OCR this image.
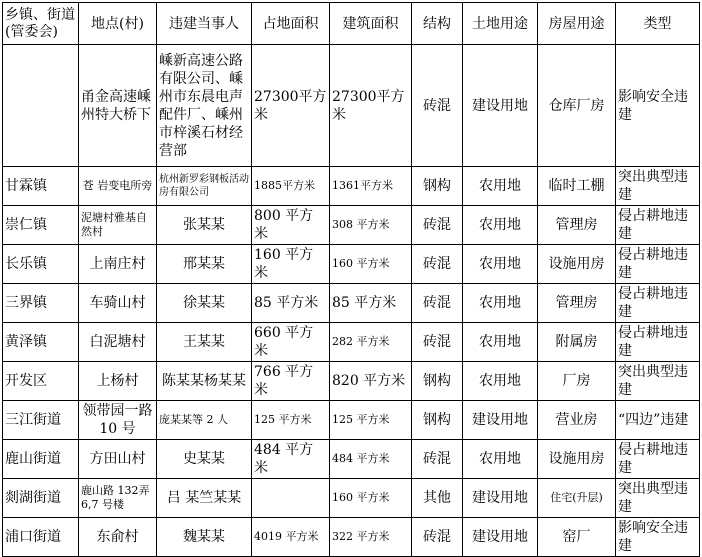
乡镇、街道(管委会)	地点(村)	违建当事人	占地面积	建筑面积	结构	土地用途	房屋用途	类型
	甬金高速嵊州特大桥下	嵊新高速公路有限公司、嵊州市东晨电声配件厂、嵊州市梓溪石材经营部	27300平方米	27300平方米	砖混	建设用地	仓库厂房	影响安全违建
甘霖镇	苍 岩变电所旁	杭州新罗彩钢板活动房有限公司	1885平方米	1361平方米	钢构	农用地	临时工棚	突出典型违建
崇仁镇	泥塘村雅基自然村	张某某	800 平方米	308 平方米	砖混	农用地	管理房	侵占耕地违建
长乐镇	上南庄村	邢某某	160 平方米	160 平方米	砖混	农用地	设施用房	侵占耕地违建
三界镇	车骑山村	徐某某	85 平方米	85 平方米	砖混	农用地	管理房	侵占耕地违建
黄泽镇	白泥塘村	王某某	660 平方米	282 平方米	砖混	农用地	附属房	侵占耕地违建
开发区	上杨村	陈某某杨某某	766 平方米	820 平方米	钢构	农用地	厂房	突出典型违建
三江街道	领带园一路 10 号	庞某某等 2 人	125 平方米	125 平方米	钢构	建设用地	营业房	“四边”违建
鹿山街道	方田山村	史某某	484 平方米	484 平方米	砖混	农用地	设施用房	侵占耕地违建
剡湖街道	鹿山路 132弄 6,7 号楼	吕 某竺某某		160 平方米	其他	建设用地	住宅(升层)	突出典型违建
浦口街道	东俞村	魏某某	4019 平方米	322 平方米	砖混	建设用地	窑厂	影响安全违建
